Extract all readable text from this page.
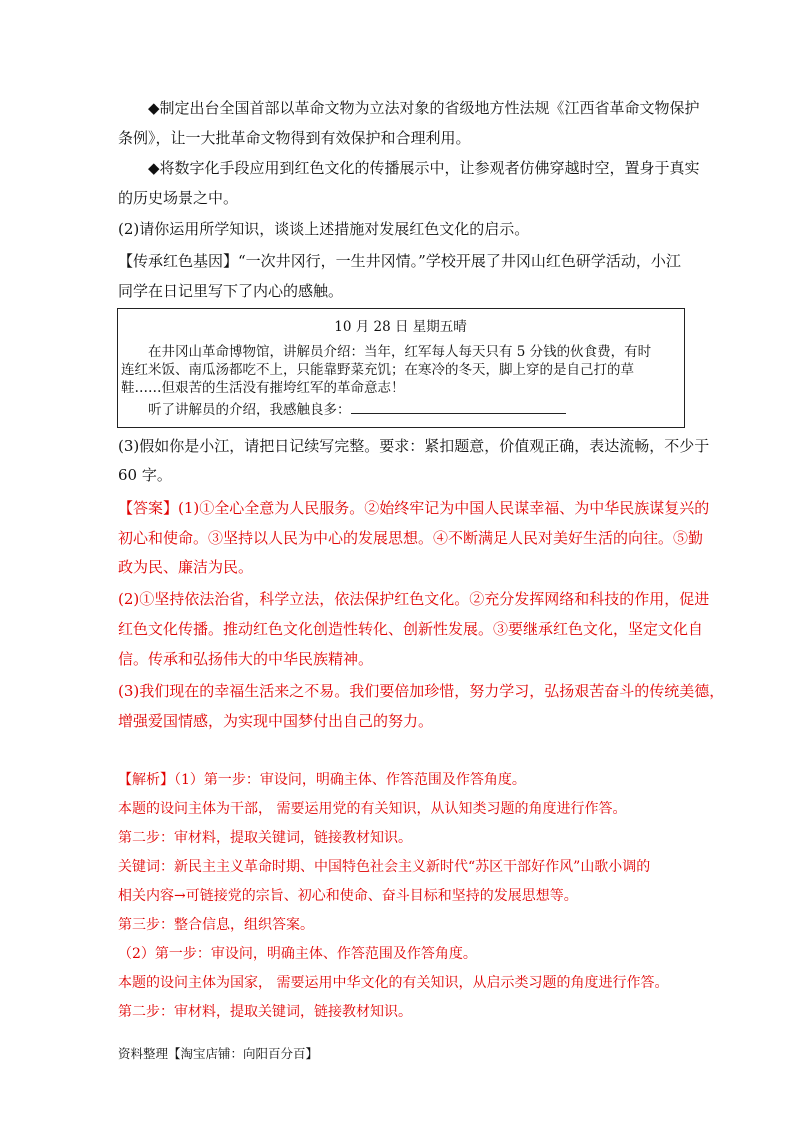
◆制定出台全国首部以革命文物为立法对象的省级地方性法规《江西省革命文物保护
条例》，让一大批革命文物得到有效保护和合理利用。
◆将数字化手段应用到红色文化的传播展示中，让参观者仿佛穿越时空，置身于真实
的历史场景之中。
(2)请你运用所学知识，谈谈上述措施对发展红色文化的启示。
【传承红色基因】“一次井冈行，一生井冈情。”学校开展了井冈山红色研学活动，小江
同学在日记里写下了内心的感触。
10 月 28 日 星期五晴
在井冈山革命博物馆，讲解员介绍：当年，红军每人每天只有 5 分钱的伙食费，有时
连红米饭、南瓜汤都吃不上，只能靠野菜充饥；在寒冷的冬天，脚上穿的是自己打的草
鞋……但艰苦的生活没有摧垮红军的革命意志！
听了讲解员的介绍，我感触良多：
(3)假如你是小江，请把日记续写完整。要求：紧扣题意，价值观正确，表达流畅，不少于
60 字。
【答案】(1)①全心全意为人民服务。②始终牢记为中国人民谋幸福、为中华民族谋复兴的
初心和使命。③坚持以人民为中心的发展思想。④不断满足人民对美好生活的向往。⑤勤
政为民、廉洁为民。
(2)①坚持依法治省，科学立法，依法保护红色文化。②充分发挥网络和科技的作用，促进
红色文化传播。推动红色文化创造性转化、创新性发展。③要继承红色文化，坚定文化自
信。传承和弘扬伟大的中华民族精神。
(3)我们现在的幸福生活来之不易。我们要倍加珍惜，努力学习，弘扬艰苦奋斗的传统美德，
增强爱国情感，为实现中国梦付出自己的努力。
【解析】（1）第一步：审设问，明确主体、作答范围及作答角度。
本题的设问主体为干部， 需要运用党的有关知识，从认知类习题的角度进行作答。
第二步：审材料，提取关键词，链接教材知识。
关键词：新民主主义革命时期、中国特色社会主义新时代“苏区干部好作风”山歌小调的
相关内容→可链接党的宗旨、初心和使命、奋斗目标和坚持的发展思想等。
第三步：整合信息，组织答案。
（2）第一步：审设问，明确主体、作答范围及作答角度。
本题的设问主体为国家， 需要运用中华文化的有关知识，从启示类习题的角度进行作答。
第二步：审材料，提取关键词，链接教材知识。
资料整理【淘宝店铺：向阳百分百】
